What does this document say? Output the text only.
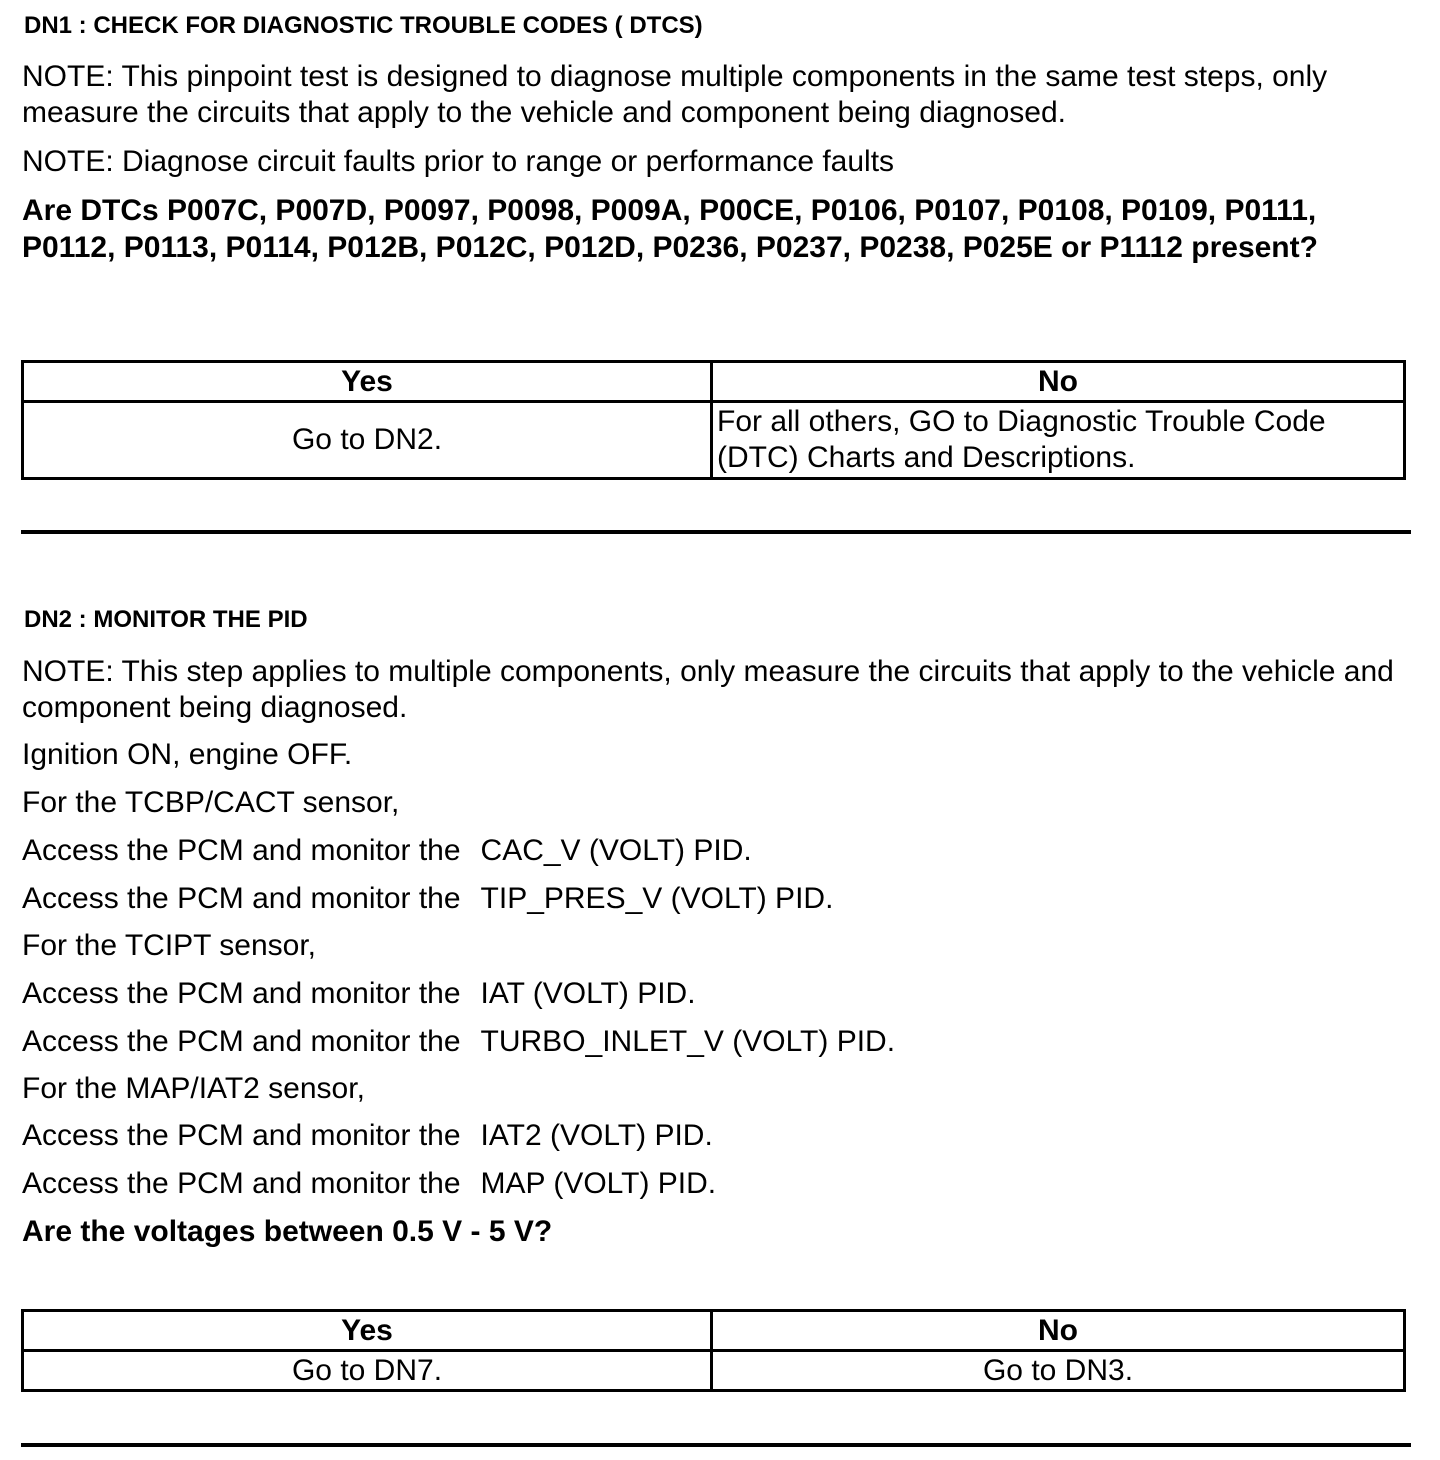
DN1 : CHECK FOR DIAGNOSTIC TROUBLE CODES ( DTCS)

NOTE: This pinpoint test is designed to diagnose multiple components in the same test steps, only measure the circuits that apply to the vehicle and component being diagnosed.

NOTE: Diagnose circuit faults prior to range or performance faults

Are DTCs P007C, P007D, P0097, P0098, P009A, P00CE, P0106, P0107, P0108, P0109, P0111, P0112, P0113, P0114, P012B, P012C, P012D, P0236, P0237, P0238, P025E or P1112 present?

Yes	No
Go to DN2.	For all others, GO to Diagnostic Trouble Code (DTC) Charts and Descriptions.

DN2 : MONITOR THE PID

NOTE: This step applies to multiple components, only measure the circuits that apply to the vehicle and component being diagnosed.

Ignition ON, engine OFF.

For the TCBP/CACT sensor,

Access the PCM and monitor the CAC_V (VOLT) PID.

Access the PCM and monitor the TIP_PRES_V (VOLT) PID.

For the TCIPT sensor,

Access the PCM and monitor the IAT (VOLT) PID.

Access the PCM and monitor the TURBO_INLET_V (VOLT) PID.

For the MAP/IAT2 sensor,

Access the PCM and monitor the IAT2 (VOLT) PID.

Access the PCM and monitor the MAP (VOLT) PID.

Are the voltages between 0.5 V - 5 V?

Yes	No
Go to DN7.	Go to DN3.
